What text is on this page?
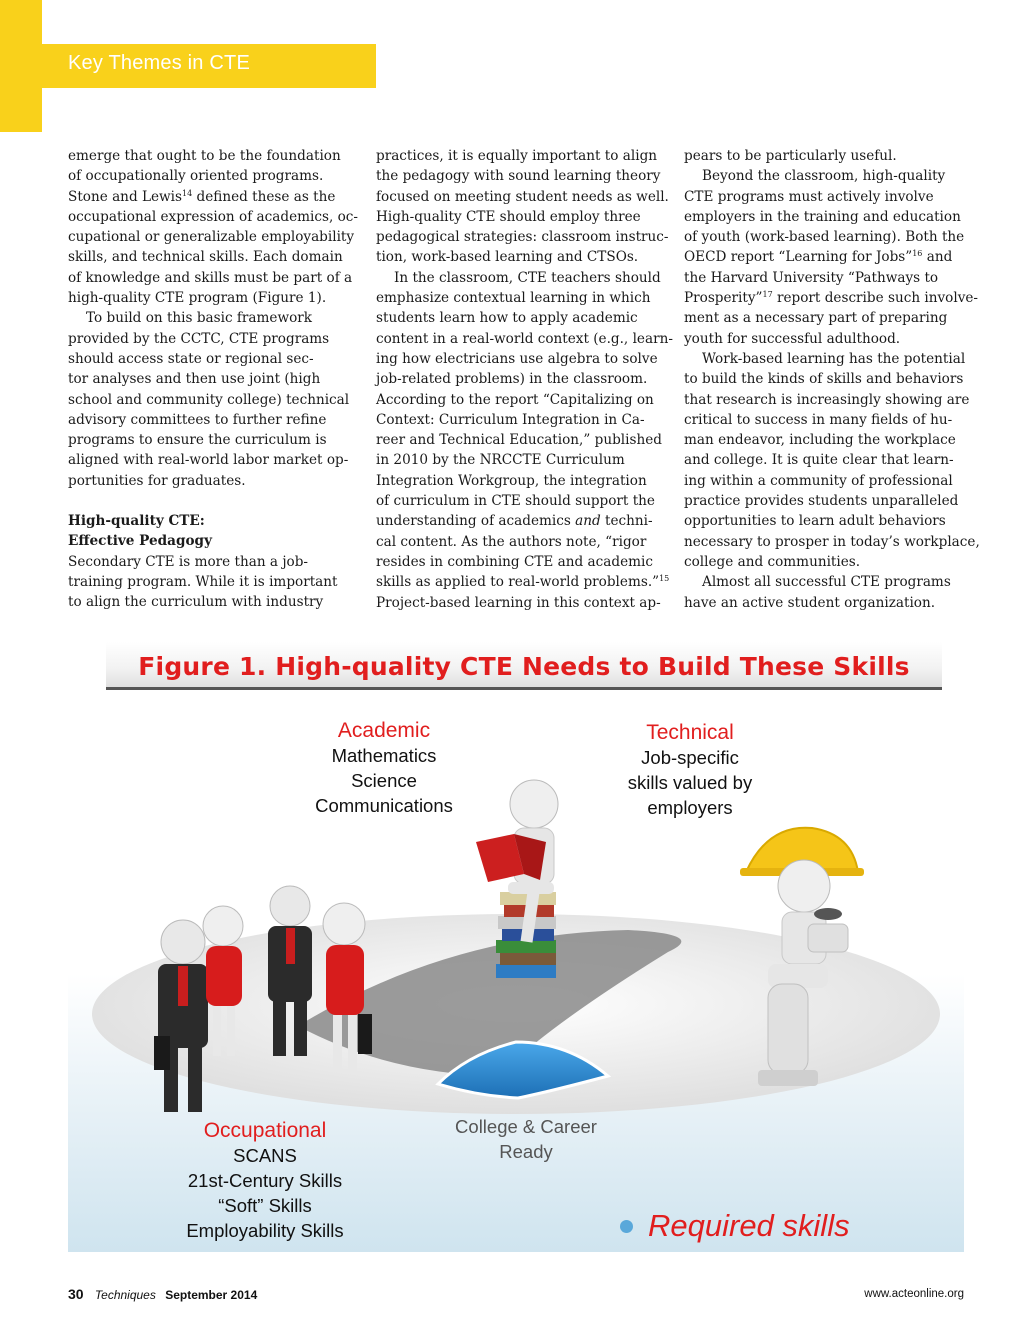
Key Themes in CTE

emerge that ought to be the foundation
of occupationally oriented programs.
Stone and Lewis$^{14}$ defined these as the
occupational expression of academics, oc-
cupational or generalizable employability
skills, and technical skills. Each domain
of knowledge and skills must be part of a
high-quality CTE program (Figure 1).

To build on this basic framework
provided by the CCTC, CTE programs
should access state or regional sec-
tor analyses and then use joint (high
school and community college) technical
advisory committees to further refine
programs to ensure the curriculum is
aligned with real-world labor market op-
portunities for graduates.

High-quality CTE:
Effective Pedagogy

Secondary CTE is more than a job-
training program. While it is important
to align the curriculum with industry

practices, it is equally important to align
the pedagogy with sound learning theory
focused on meeting student needs as well.
High-quality CTE should employ three
pedagogical strategies: classroom instruc-
tion, work-based learning and CTSOs.

In the classroom, CTE teachers should
emphasize contextual learning in which
students learn how to apply academic
content in a real-world context (e.g., learn-
ing how electricians use algebra to solve
job-related problems) in the classroom.
According to the report “Capitalizing on
Context: Curriculum Integration in Ca-
reer and Technical Education,” published
in 2010 by the NRCCTE Curriculum
Integration Workgroup, the integration
of curriculum in CTE should support the
understanding of academics and techni-
cal content. As the authors note, “rigor
resides in combining CTE and academic
skills as applied to real-world problems.”$^{15}$
Project-based learning in this context ap-

pears to be particularly useful.

Beyond the classroom, high-quality
CTE programs must actively involve
employers in the training and education
of youth (work-based learning). Both the
OECD report “Learning for Jobs”$^{16}$ and
the Harvard University “Pathways to
Prosperity”$^{17}$ report describe such involve-
ment as a necessary part of preparing
youth for successful adulthood.

Work-based learning has the potential
to build the kinds of skills and behaviors
that research is increasingly showing are
critical to success in many fields of hu-
man endeavor, including the workplace
and college. It is quite clear that learn-
ing within a community of professional
practice provides students unparalleled
opportunities to learn adult behaviors
necessary to prosper in today’s workplace,
college and communities.

Almost all successful CTE programs
have an active student organization.

Figure 1. High-quality CTE Needs to Build These Skills
Academic
Mathematics
Science
Communications
Technical
Job-specific
skills valued by
employers
Occupational
SCANS
21st-Century Skills
“Soft” Skills
Employability Skills
College & Career
Ready
Required skills
30 Techniques September 2014	www.acteonline.org
